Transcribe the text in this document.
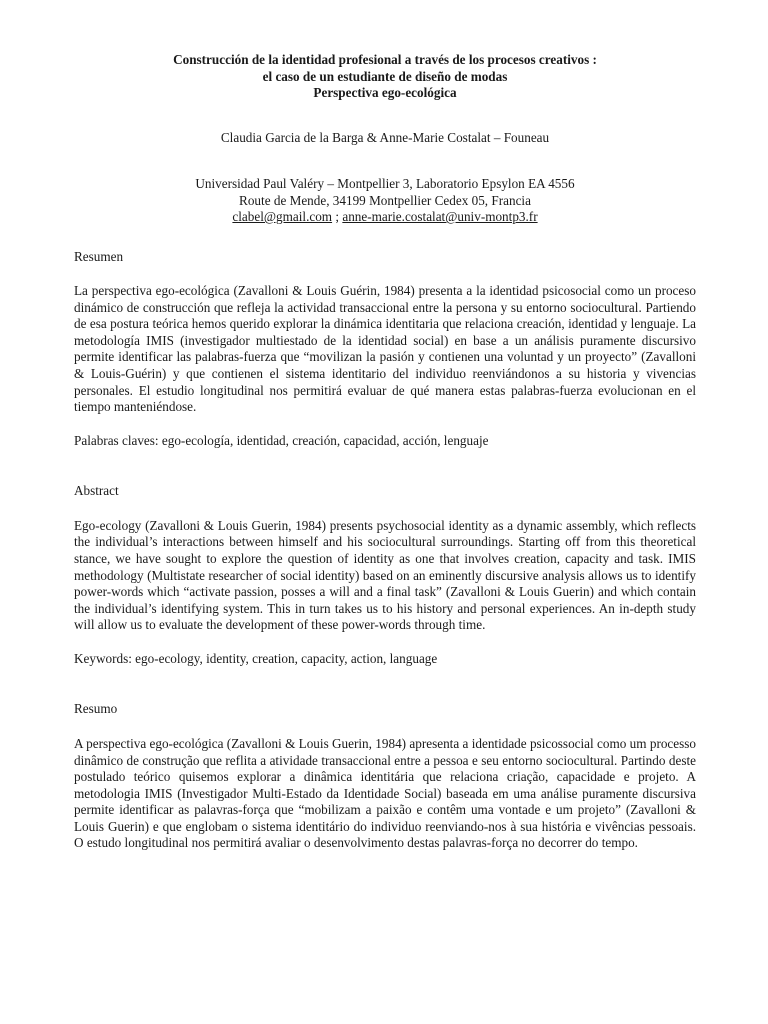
Construcción de la identidad profesional a través de los procesos creativos :
el caso de un estudiante de diseño de modas
Perspectiva ego-ecológica

Claudia Garcia de la Barga & Anne-Marie Costalat – Founeau

Universidad Paul Valéry – Montpellier 3, Laboratorio Epsylon EA 4556
Route de Mende, 34199 Montpellier Cedex 05, Francia
clabel@gmail.com ; anne-marie.costalat@univ-montp3.fr

Resumen

La perspectiva ego-ecológica (Zavalloni & Louis Guérin, 1984) presenta a la identidad psicosocial como un proceso dinámico de construcción que refleja la actividad transaccional entre la persona y su entorno sociocultural. Partiendo de esa postura teórica hemos querido explorar la dinámica identitaria que relaciona creación, identidad y lenguaje. La metodología IMIS (investigador multiestado de la identidad social) en base a un análisis puramente discursivo permite identificar las palabras-fuerza que “movilizan la pasión y contienen una voluntad y un proyecto” (Zavalloni & Louis-Guérin) y que contienen el sistema identitario del individuo reenviándonos a su historia y vivencias personales. El estudio longitudinal nos permitirá evaluar de qué manera estas palabras-fuerza evolucionan en el tiempo manteniéndose.

Palabras claves: ego-ecología, identidad, creación, capacidad, acción, lenguaje

Abstract

Ego-ecology (Zavalloni & Louis Guerin, 1984) presents psychosocial identity as a dynamic assembly, which reflects the individual’s interactions between himself and his sociocultural surroundings. Starting off from this theoretical stance, we have sought to explore the question of identity as one that involves creation, capacity and task. IMIS methodology (Multistate researcher of social identity) based on an eminently discursive analysis allows us to identify power-words which “activate passion, posses a will and a final task” (Zavalloni & Louis Guerin) and which contain the individual’s identifying system. This in turn takes us to his history and personal experiences. An in-depth study will allow us to evaluate the development of these power-words through time.

Keywords: ego-ecology, identity, creation, capacity, action, language

Resumo

A perspectiva ego-ecológica (Zavalloni & Louis Guerin, 1984) apresenta a identidade psicossocial como um processo dinâmico de construção que reflita a atividade transaccional entre a pessoa e seu entorno sociocultural. Partindo deste postulado teórico quisemos explorar a dinâmica identitária que relaciona criação, capacidade e projeto. A metodologia IMIS (Investigador Multi-Estado da Identidade Social) baseada em uma análise puramente discursiva permite identificar as palavras-força que “mobilizam a paixão e contêm uma vontade e um projeto” (Zavalloni & Louis Guerin) e que englobam o sistema identitário do individuo reenviando-nos à sua história e vivências pessoais. O estudo longitudinal nos permitirá avaliar o desenvolvimento destas palavras-força no decorrer do tempo.
